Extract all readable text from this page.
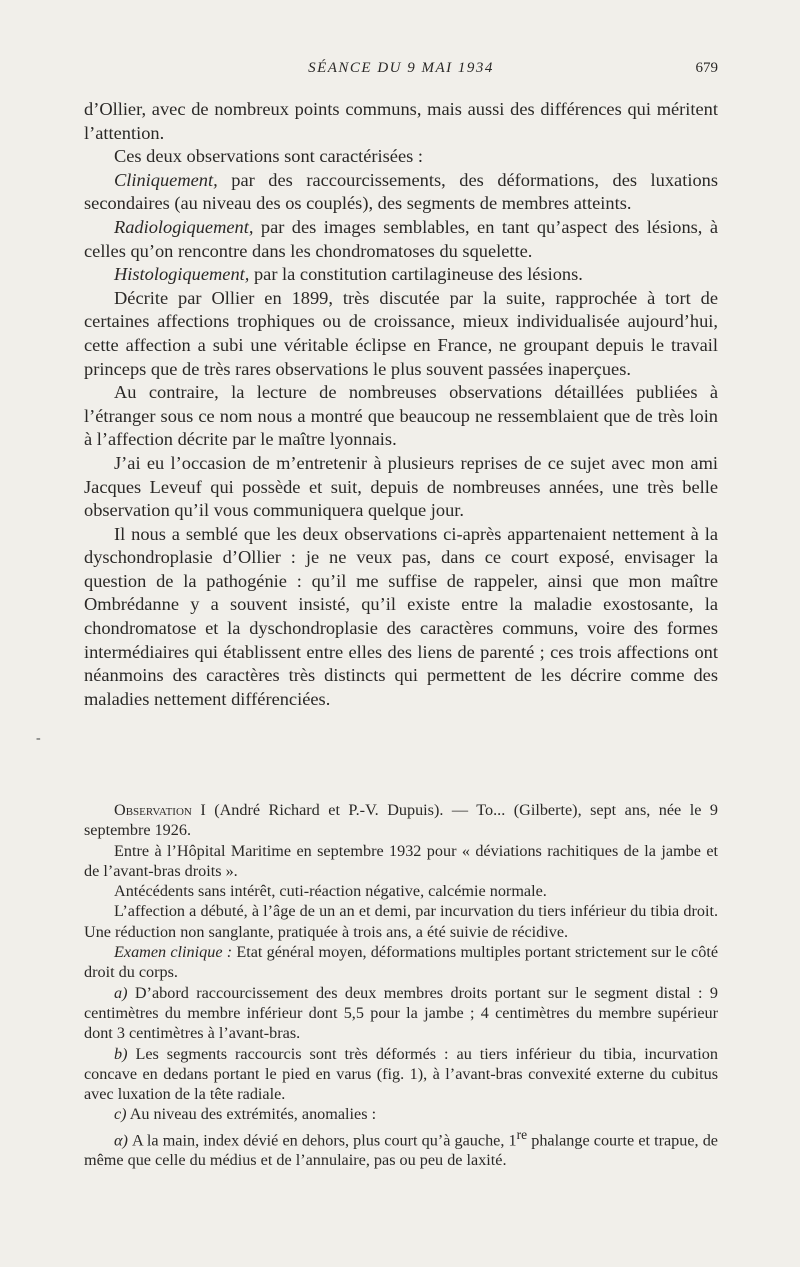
SÉANCE DU 9 MAI 1934	679

d’Ollier, avec de nombreux points communs, mais aussi des différences qui méritent l’attention.

Ces deux observations sont caractérisées :

Cliniquement, par des raccourcissements, des déformations, des luxations secondaires (au niveau des os couplés), des segments de membres atteints.

Radiologiquement, par des images semblables, en tant qu’aspect des lésions, à celles qu’on rencontre dans les chondromatoses du squelette.

Histologiquement, par la constitution cartilagineuse des lésions.

Décrite par Ollier en 1899, très discutée par la suite, rapprochée à tort de certaines affections trophiques ou de croissance, mieux individualisée aujourd’hui, cette affection a subi une véritable éclipse en France, ne groupant depuis le travail princeps que de très rares observations le plus souvent passées inaperçues.

Au contraire, la lecture de nombreuses observations détaillées publiées à l’étranger sous ce nom nous a montré que beaucoup ne ressemblaient que de très loin à l’affection décrite par le maître lyonnais.

J’ai eu l’occasion de m’entretenir à plusieurs reprises de ce sujet avec mon ami Jacques Leveuf qui possède et suit, depuis de nombreuses années, une très belle observation qu’il vous communiquera quelque jour.

Il nous a semblé que les deux observations ci-après appartenaient nettement à la dyschondroplasie d’Ollier : je ne veux pas, dans ce court exposé, envisager la question de la pathogénie : qu’il me suffise de rappeler, ainsi que mon maître Ombrédanne y a souvent insisté, qu’il existe entre la maladie exostosante, la chondromatose et la dyschondroplasie des caractères communs, voire des formes intermédiaires qui établissent entre elles des liens de parenté ; ces trois affections ont néanmoins des caractères très distincts qui permettent de les décrire comme des maladies nettement différenciées.

-

Observation I (André Richard et P.-V. Dupuis). — To... (Gilberte), sept ans, née le 9 septembre 1926.

Entre à l’Hôpital Maritime en septembre 1932 pour « déviations rachitiques de la jambe et de l’avant-bras droits ».

Antécédents sans intérêt, cuti-réaction négative, calcémie normale.

L’affection a débuté, à l’âge de un an et demi, par incurvation du tiers inférieur du tibia droit. Une réduction non sanglante, pratiquée à trois ans, a été suivie de récidive.

Examen clinique : Etat général moyen, déformations multiples portant strictement sur le côté droit du corps.

a) D’abord raccourcissement des deux membres droits portant sur le segment distal : 9 centimètres du membre inférieur dont 5,5 pour la jambe ; 4 centimètres du membre supérieur dont 3 centimètres à l’avant-bras.

b) Les segments raccourcis sont très déformés : au tiers inférieur du tibia, incurvation concave en dedans portant le pied en varus (fig. 1), à l’avant-bras convexité externe du cubitus avec luxation de la tête radiale.

c) Au niveau des extrémités, anomalies :

α) A la main, index dévié en dehors, plus court qu’à gauche, 1re phalange courte et trapue, de même que celle du médius et de l’annulaire, pas ou peu de laxité.
